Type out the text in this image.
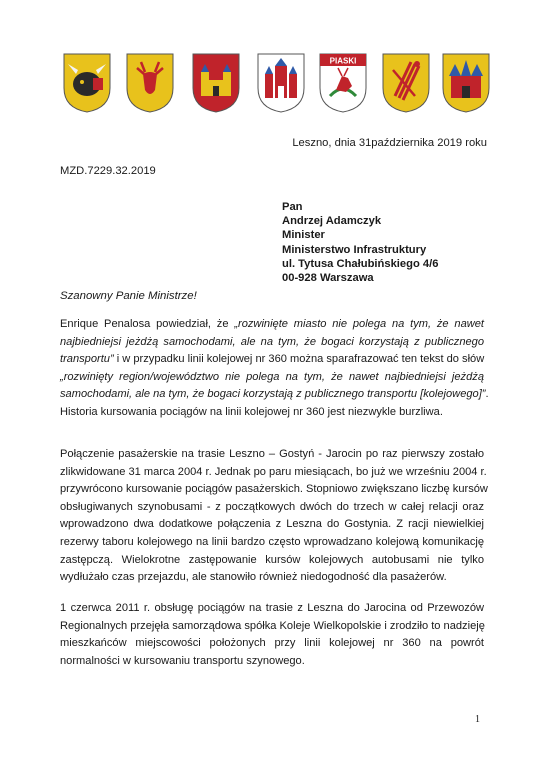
PIASKI
Leszno, dnia 31października 2019 roku
MZD.7229.32.2019
Pan
Andrzej Adamczyk
Minister
Ministerstwo Infrastruktury
ul. Tytusa Chałubińskiego 4/6
00-928 Warszawa
Szanowny Panie Ministrze!
Enrique Penalosa powiedział, że „rozwinięte miasto nie polega na tym, że nawet
najbiedniejsi jeżdżą samochodami, ale na tym, że bogaci korzystają z publicznego
transportu” i w przypadku linii kolejowej nr 360 można sparafrazować ten tekst do słów
„rozwinięty region/województwo nie polega na tym, że nawet najbiedniejsi jeżdżą
samochodami, ale na tym, że bogaci korzystają z publicznego transportu [kolejowego]”.
Historia kursowania pociągów na linii kolejowej nr 360 jest niezwykle burzliwa.
Połączenie pasażerskie na trasie Leszno – Gostyń - Jarocin po raz pierwszy zostało
zlikwidowane 31 marca 2004 r. Jednak po paru miesiącach, bo już we wrześniu 2004 r.
przywrócono kursowanie pociągów pasażerskich. Stopniowo zwiększano liczbę kursów
obsługiwanych szynobusami - z początkowych dwóch do trzech w całej relacji oraz
wprowadzono dwa dodatkowe połączenia z Leszna do Gostynia. Z racji niewielkiej
rezerwy taboru kolejowego na linii bardzo często wprowadzano kolejową komunikację
zastępczą. Wielokrotne zastępowanie kursów kolejowych autobusami nie tylko
wydłużało czas przejazdu, ale stanowiło również niedogodność dla pasażerów.
1 czerwca 2011 r. obsługę pociągów na trasie z Leszna do Jarocina od Przewozów
Regionalnych przejęła samorządowa spółka Koleje Wielkopolskie i zrodziło to nadzieję
mieszkańców miejscowości położonych przy linii kolejowej nr 360 na powrót
normalności w kursowaniu transportu szynowego.
1
